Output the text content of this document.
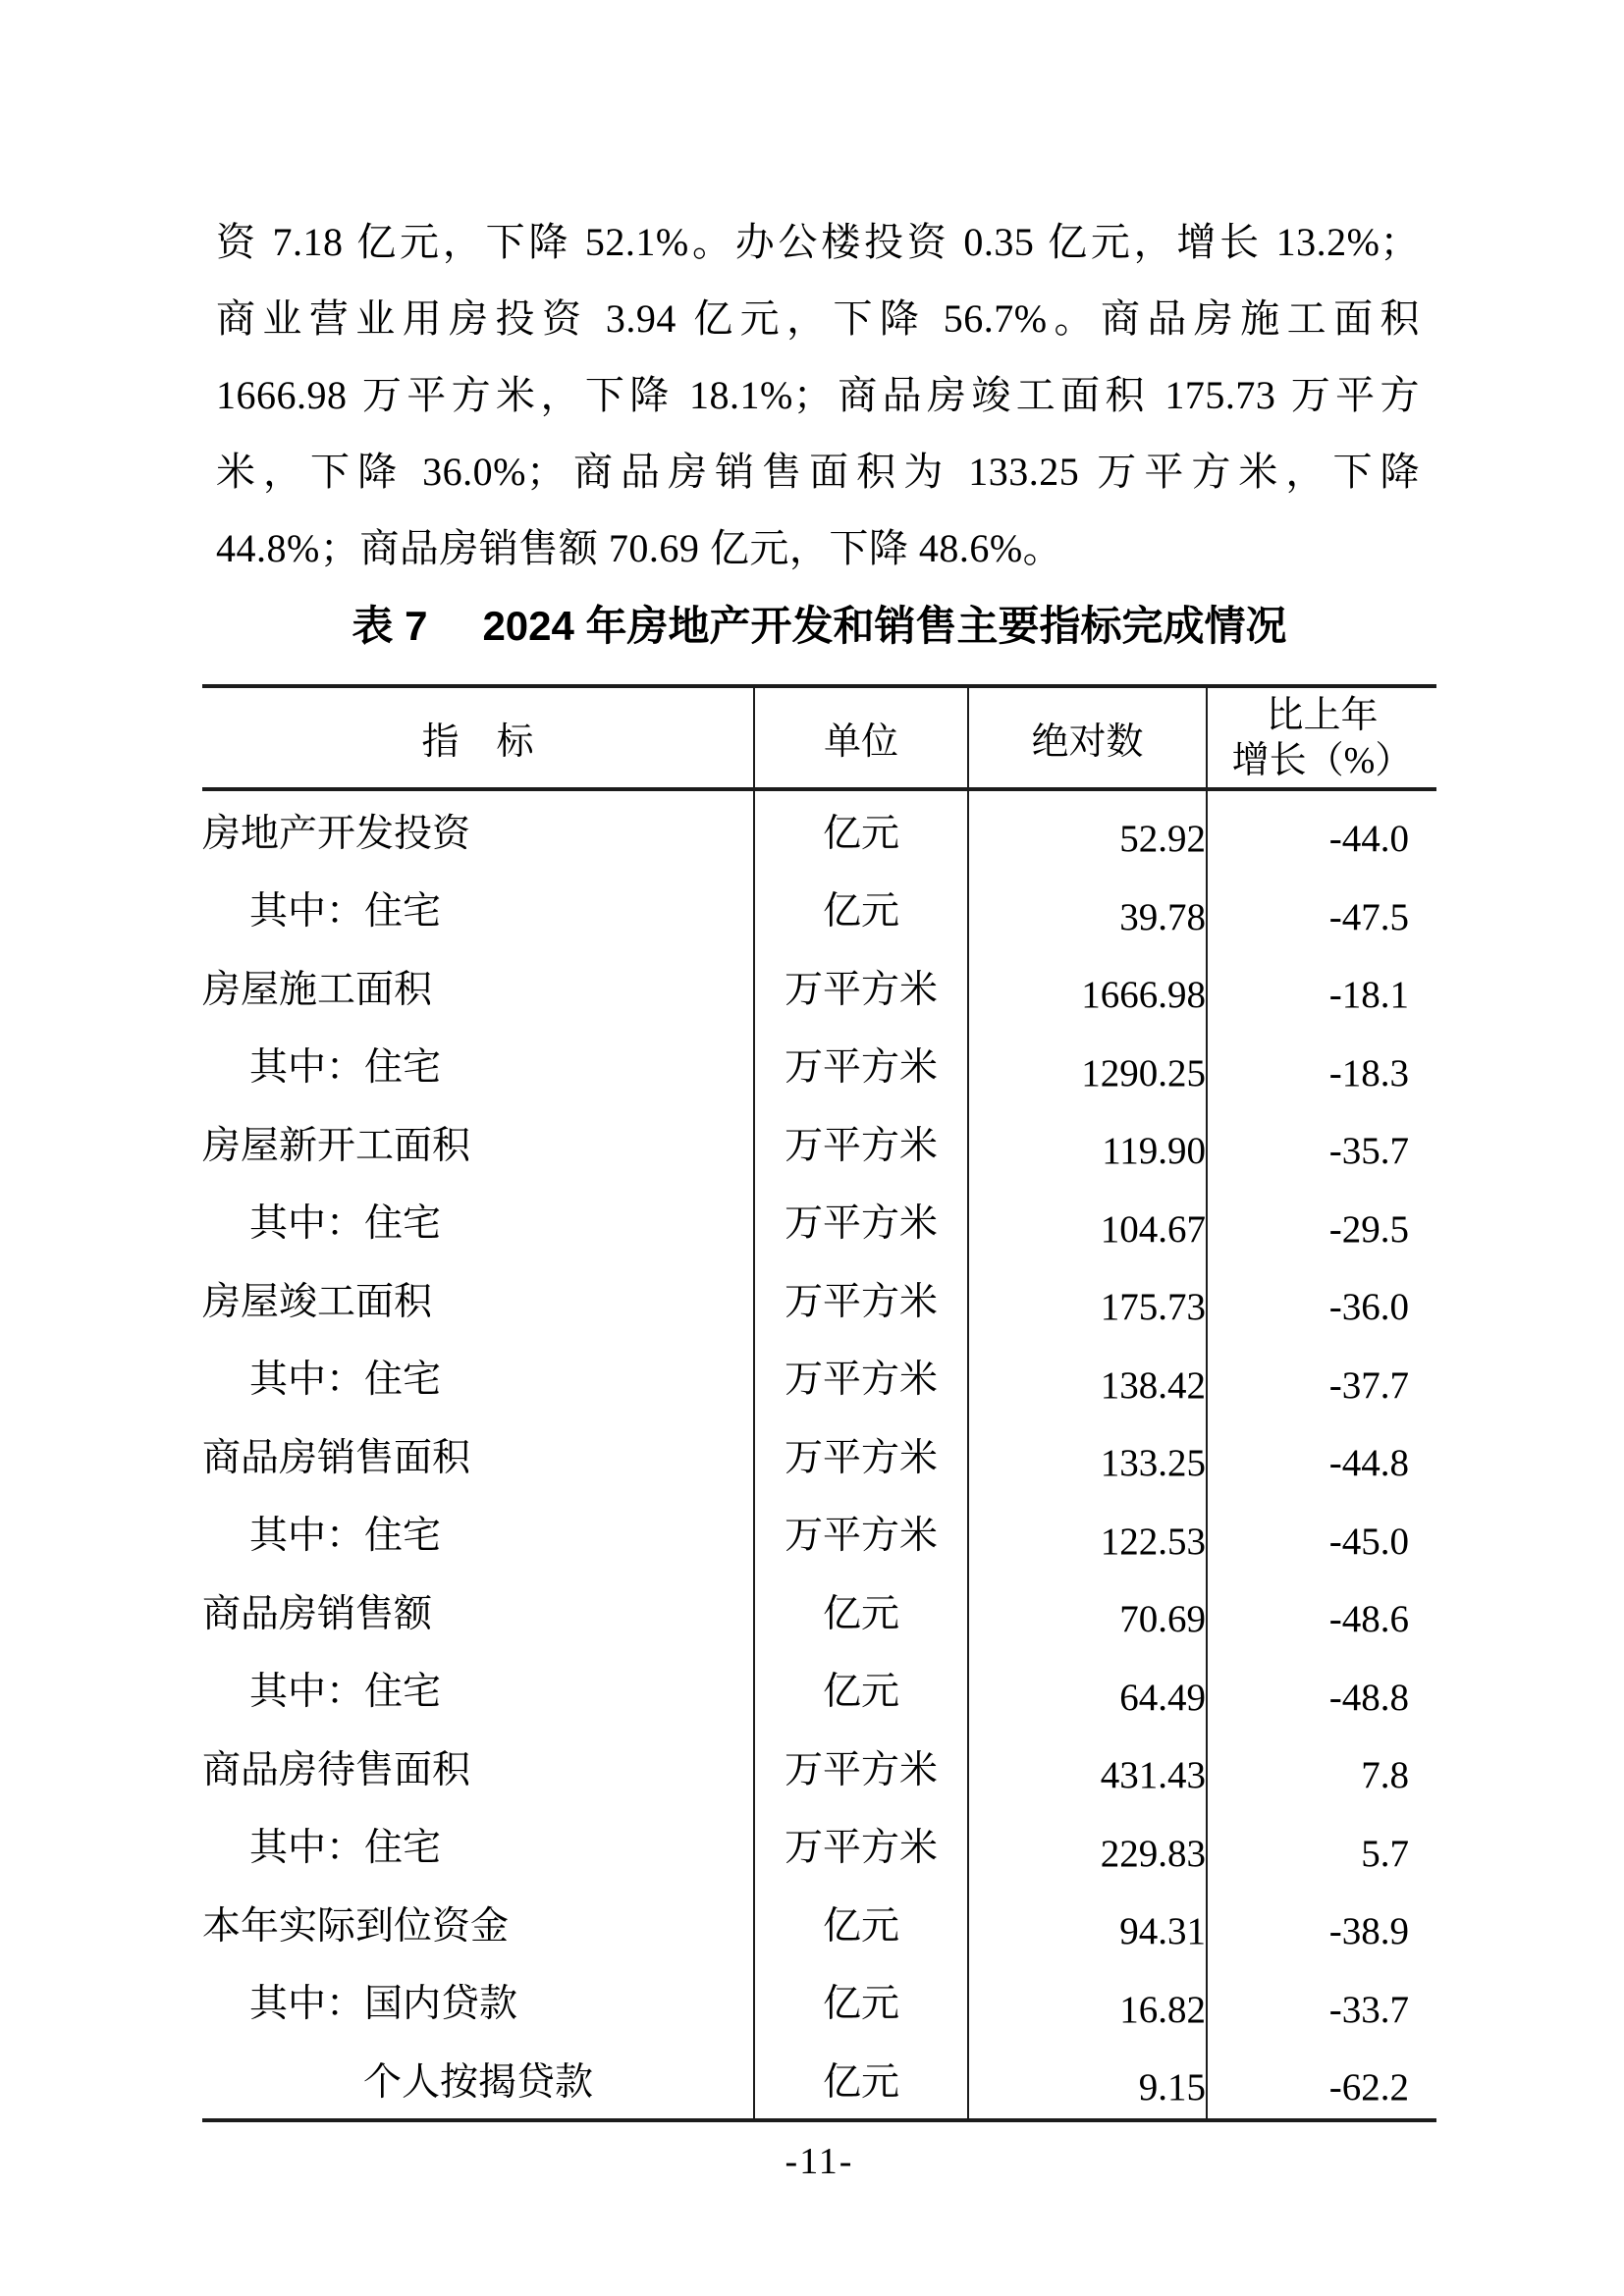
资 7.18 亿元，下降 52.1%。办公楼投资 0.35 亿元，增长 13.2%；
商业营业用房投资 3.94 亿元，下降 56.7%。商品房施工面积
1666.98 万平方米，下降 18.1%；商品房竣工面积 175.73 万平方
米，下降 36.0%；商品房销售面积为 133.25 万平方米，下降
44.8%；商品房销售额 70.69 亿元，下降 48.6%。
表 7 2024 年房地产开发和销售主要指标完成情况
指　标	单位	绝对数	比上年
增长（%）

房地产开发投资	亿元	52.92	-44.0
其中：住宅	亿元	39.78	-47.5
房屋施工面积	万平方米	1666.98	-18.1
其中：住宅	万平方米	1290.25	-18.3
房屋新开工面积	万平方米	119.90	-35.7
其中：住宅	万平方米	104.67	-29.5
房屋竣工面积	万平方米	175.73	-36.0
其中：住宅	万平方米	138.42	-37.7
商品房销售面积	万平方米	133.25	-44.8
其中：住宅	万平方米	122.53	-45.0
商品房销售额	亿元	70.69	-48.6
其中：住宅	亿元	64.49	-48.8
商品房待售面积	万平方米	431.43	7.8
其中：住宅	万平方米	229.83	5.7
本年实际到位资金	亿元	94.31	-38.9
其中：国内贷款	亿元	16.82	-33.7
个人按揭贷款	亿元	9.15	-62.2
-11-
